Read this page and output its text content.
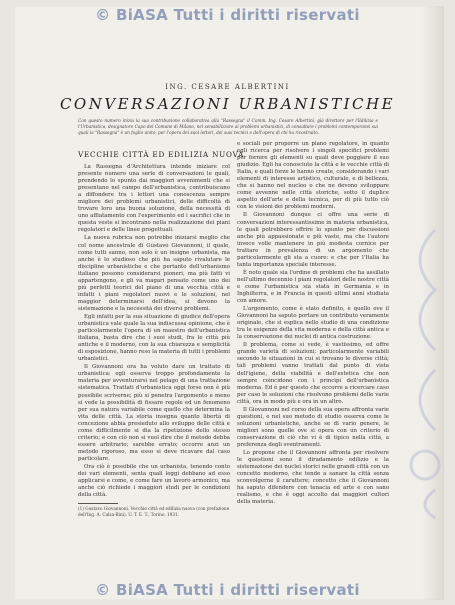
© BiASA Tutti i diritti riservati
ING. CESARE ALBERTINI
CONVERSAZIONI URBANISTICHE
Con questo numero inizia la sua contribuzione collaborativa alla "Rassegna" il Comm. Ing. Cesare Albertini, già direttore per l'Edilizia e l'Urbanistica, designatore Capo del Comune di Milano, nel sensibilizzare ai problemi urbanistici, di consultare i problemi contemporanei sui quali la "Rassegna" è un foglio unito, per l'opera dei suoi lettori, dei suoi tecnici e dell'opera di chi ha ricostruito.
VECCHIE CITTÀ ED EDILIZIA NUOVA

La Rassegna d'Architettura intende iniziare col presente numero una serie di conversazioni le quali, prendendo lo spunto dai maggiori avvenimenti che si presentano nel campo dell'urbanistica, contribuiscano a diffondere tra i lettori una conoscenza sempre migliore dei problemi urbanistici, delle difficoltà di trovare loro una buona soluzione, della necessità di uno affiatamento con l'esperimento ed i sacrifici che in questa veste si incontrano nella realizzazione dei piani regolatori e delle linee progettuali.

La nuova rubrica non potrebbe iniziarsi meglio che col nome ancestrale di Gustavo Giovannoni, il quale, come tutti sanno, non solo è un insigne urbanista, ma anche è lo studioso che più ha saputo rivalutare le discipline urbanistiche e che pertanto dell'urbanismo italiano possono considerarsi pioneri, ma più fatti vi appartengono, e gli va magari pensato come uno dei più perfetti teorici del piano di una vecchia città e infatti i piani regolatori nuovi e le soluzioni, nel maggior determinarsi dell'idea, si devono la sistemazione e la necessità dei diversi problemi.

Egli infatti per la sua situazione di giudice dell'opera urbanistica vale quale la sua indiscussa opinione, che è particolarmente l'opera di un maestro dell'urbanistica italiana, basta dire che i suoi studi, fra le città più antiche e il moderno, con la sua chiarezza e semplicità di esposizione, hanno reso la materia di tutti i problemi urbanistici.

Il Giovannoni ora ha voluto dare un trattato di urbanistica: egli osserva troppo profondamente la materia per avventurarsi nel pelago di una trattazione sistematica. Trattati d'urbanistica oggi forse non è più possibile scriverne; più si penetra l'argomento e meno si vede la possibilità di fissare regole ed un fenomeno per sua natura variabile come quello che determina la vita delle città. La storia insegna quanto libertà di concezione abbia presieduto allo sviluppo delle città e come difficilmente si dia la ripetizione dello stesso criterio; e con ciò non si vuol dire che il metodo debba essere arbitrario; sarebbe errato; occorre anzi un metodo rigoroso, ma esso si deve ricavare dal caso particolare.

Ora ciò è possibile che un urbanista, tenendo conto dei vari elementi, senta quali leggi debbano ad esso applicarsi e come, e come fare un lavoro armonico, ma anche ciò richiede i maggiori studi per le condizioni della città.

(1) Gustavo Giovannoni, Vecchie città ed edilizia nuova (con prefazione dell'Ing. A. Calza-Bini). U. T. E. T., Torino, 1931.

e sociali per proporre un piano regolatore, in quanto egli ricerca per risolvere i singoli specifici problemi per fornire gli elementi su quali deve poggiare il suo giudizio. Egli ha conosciuto la città e le vecchie città di Italia, e quali forze le hanno create, considerando i vari elementi di interesse artistico, culturale, e di bellezza, che si hanno nel nucleo o che ne devono sviluppare come avvenne nelle città storiche, sotto il duplice aspetto dell'arte e della tecnica, per di più tutto ciò con le visioni dei problemi moderni.

Il Giovannoni dunque ci offre una serie di conversazioni interessantissime in materia urbanistica, le quali potrebbero offrire lo spunto per discussioni anche più appassionate e più vaste, ma che l'autore invece volle mantenere in più modesta cornice per trattare in prevalenza di un argomento che particolarmente gli sta a cuore: e che per l'Italia ha tanta importanza speciale interesse.

È noto quale sia l'ordine di problemi che ha assillato nell'ultimo decennio i piani regolatori delle nostre città e come l'urbanistica sia stata in Germania e in Inghilterra, e in Francia in questi ultimi anni studiata con amore.

L'argomento, come è stato definito, è quello ove il Giovannoni ha saputo portare un contributo veramente originale, che si esplica nello studio di una condizione tra le esigenze della vita moderna e della città antica e la conservazione dei nuclei di antica costruzione.

Il problema, come si vede, è vastissimo, ed offre grande varietà di soluzioni; particolarmente variabili secondo le situazioni in cui si trovano le diverse città; tali problemi vanno trattati dal punto di vista dell'igiene, della viabilità e dell'estetica che non sempre coincidono con i principi dell'urbanistica moderna. Ed è per questo che occorre a ricercare caso per caso le soluzioni che risolvono problemi delle varie città, ora in modo più e ora in un altro.

Il Giovannoni nel corso della sua opera affronta varie questioni, e nel suo metodo di studio osserva come le soluzioni urbanistiche, anche se di vario genere, le migliori sono quelle ove si opera con un criterio di conservazione di ciò che vi è di tipico nella città, a preferenza degli sventramenti.

Lo propone che il Giovannoni affronta per risolvere le questioni sono il diradamento edilizio e la sistemazione dei nuclei storici nelle grandi città con un concetto moderno, che tende a sanare la città senza sconvolgerne il carattere; concetto che il Giovannoni ha saputo difendere con tenacia ed arte e con sano realismo, e che è oggi accolto dai maggiori cultori della materia.

© BiASA Tutti i diritti riservati
